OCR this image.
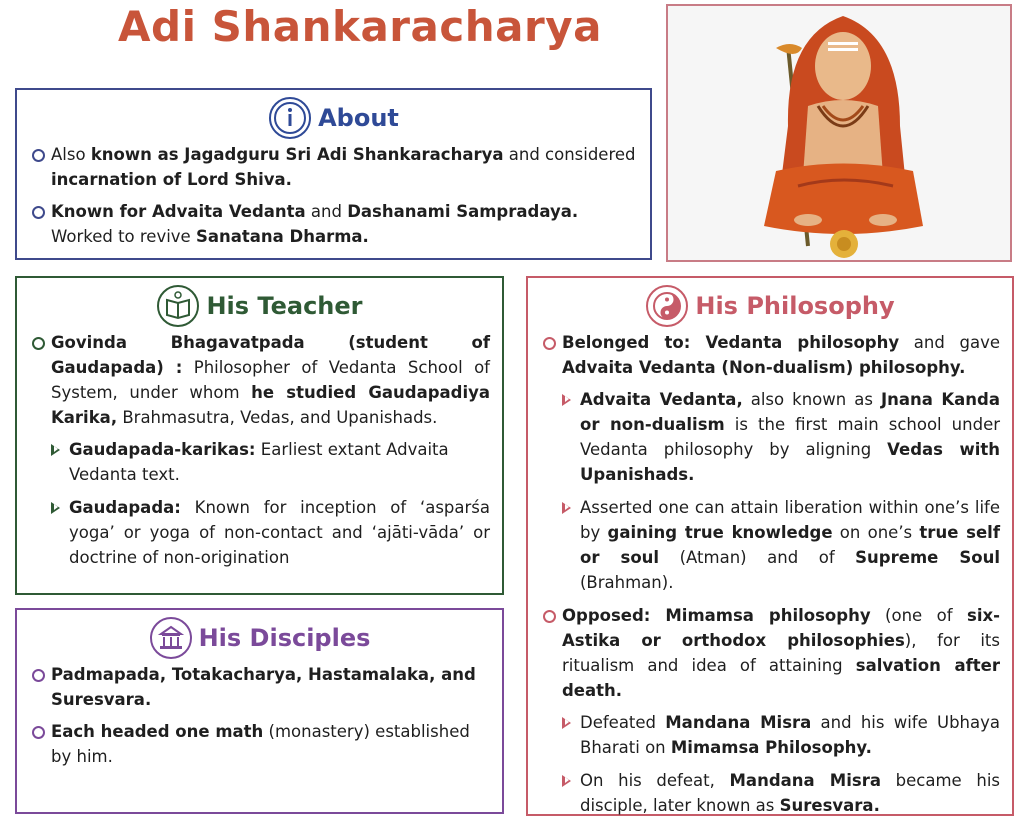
Adi Shankaracharya
About
Also known as Jagadguru Sri Adi Shankaracharya and considered incarnation of Lord Shiva.
Known for Advaita Vedanta and Dashanami Sampradaya. Worked to revive Sanatana Dharma.
His Teacher
Govinda Bhagavatpada (student of Gaudapada) : Philosopher of Vedanta School of System, under whom he studied Gaudapadiya Karika, Brahmasutra, Vedas, and Upanishads.
Gaudapada-karikas: Earliest extant Advaita Vedanta text.
Gaudapada: Known for inception of ‘asparśa yoga’ or yoga of non-contact and ‘ajāti-vāda’ or doctrine of non-origination
His Disciples
Padmapada, Totakacharya, Hastamalaka, and Suresvara.
Each headed one math (monastery) established by him.
His Philosophy
Belonged to: Vedanta philosophy and gave Advaita Vedanta (Non-dualism) philosophy.
Advaita Vedanta, also known as Jnana Kanda or non-dualism is the first main school under Vedanta philosophy by aligning Vedas with Upanishads.
Asserted one can attain liberation within one’s life by gaining true knowledge on one’s true self or soul (Atman) and of Supreme Soul (Brahman).
Opposed: Mimamsa philosophy (one of six-Astika or orthodox philosophies), for its ritualism and idea of attaining salvation after death.
Defeated Mandana Misra and his wife Ubhaya Bharati on Mimamsa Philosophy.
On his defeat, Mandana Misra became his disciple, later known as Suresvara.
